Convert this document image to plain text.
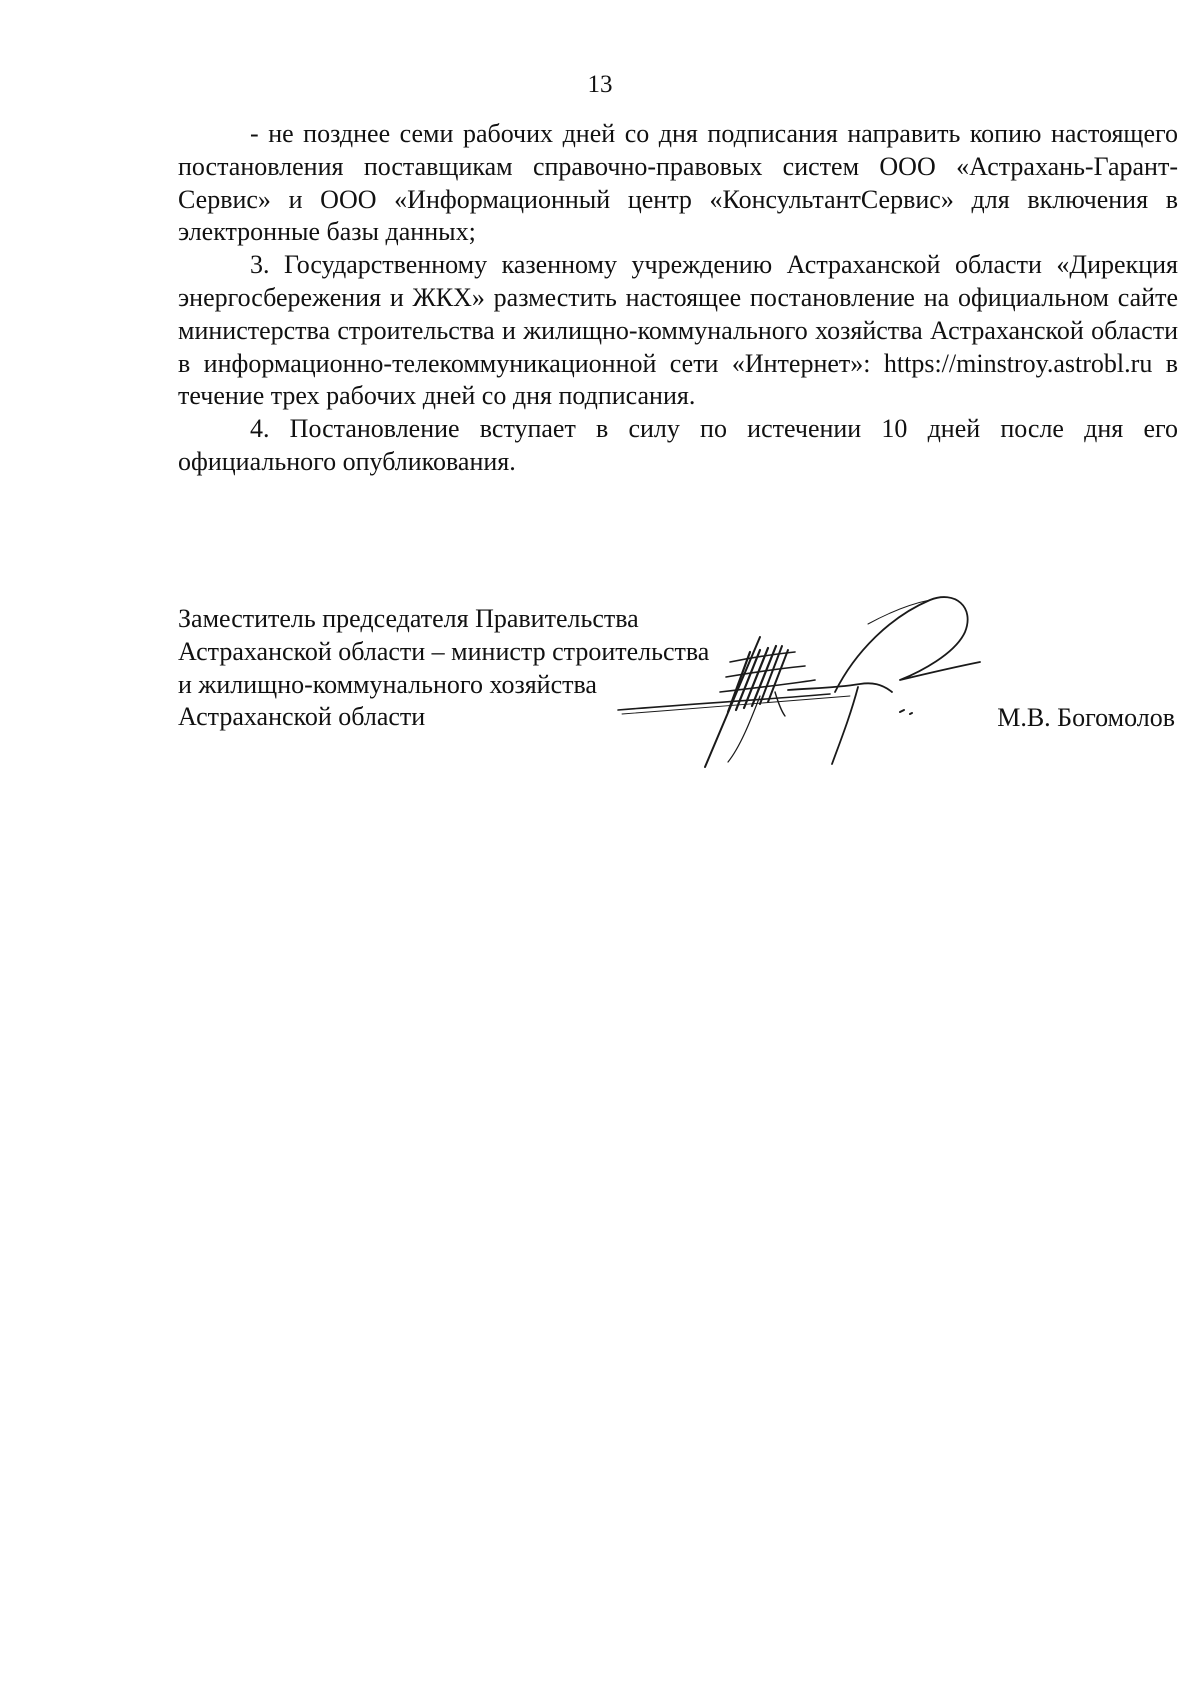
13

- не позднее семи рабочих дней со дня подписания направить копию настоящего постановления поставщикам справочно-правовых систем ООО «Астрахань-Гарант-Сервис» и ООО «Информационный центр «КонсультантСервис» для включения в электронные базы данных;

3. Государственному казенному учреждению Астраханской области «Дирекция энергосбережения и ЖКХ» разместить настоящее постановление на официальном сайте министерства строительства и жилищно-коммунального хозяйства Астраханской области в информационно-телекоммуникационной сети «Интернет»: https://minstroy.astrobl.ru в течение трех рабочих дней со дня подписания.

4. Постановление вступает в силу по истечении 10 дней после дня его официального опубликования.

Заместитель председателя Правительства
Астраханской области – министр строительства
и жилищно-коммунального хозяйства
Астраханской области	М.В. Богомолов
